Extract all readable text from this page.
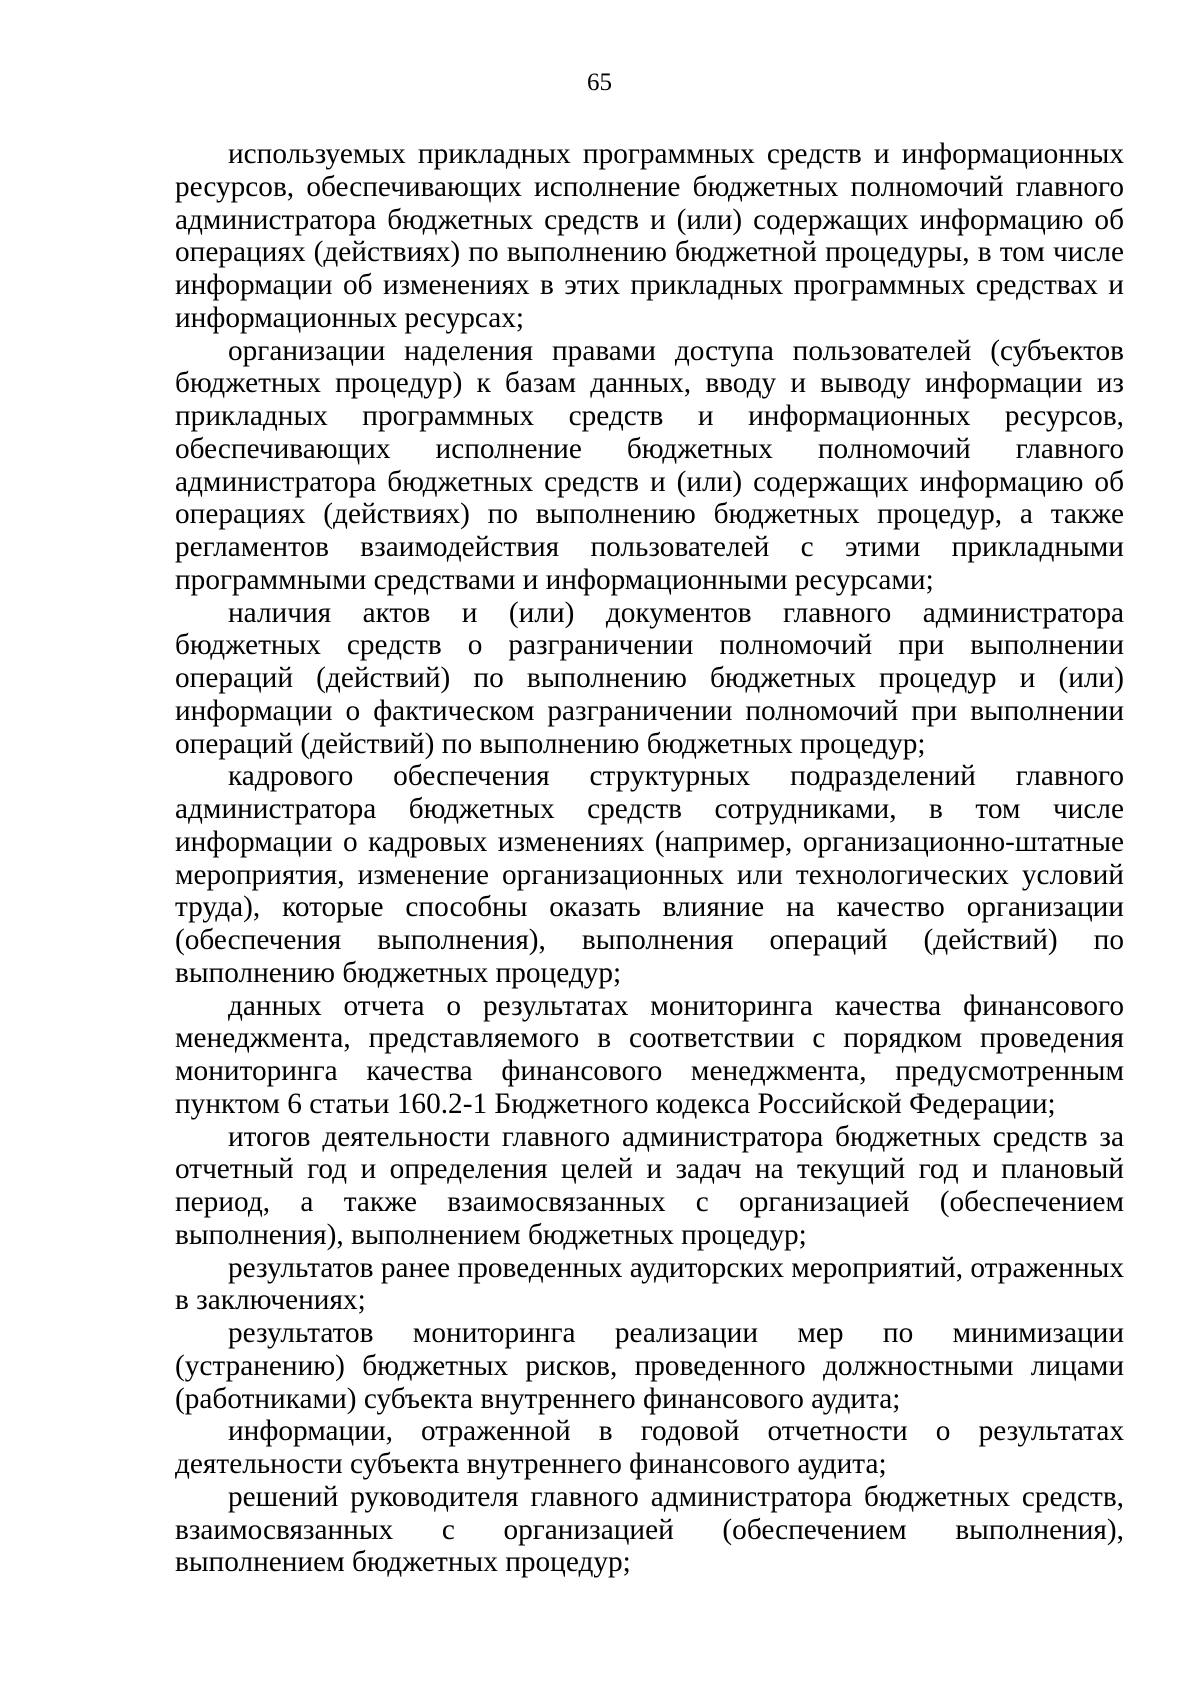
65

используемых прикладных программных средств и информационных ресурсов, обеспечивающих исполнение бюджетных полномочий главного администратора бюджетных средств и (или) содержащих информацию об операциях (действиях) по выполнению бюджетной процедуры, в том числе информации об изменениях в этих прикладных программных средствах и информационных ресурсах;

организации наделения правами доступа пользователей (субъектов бюджетных процедур) к базам данных, вводу и выводу информации из прикладных программных средств и информационных ресурсов, обеспечивающих исполнение бюджетных полномочий главного администратора бюджетных средств и (или) содержащих информацию об операциях (действиях) по выполнению бюджетных процедур, а также регламентов взаимодействия пользователей с этими прикладными программными средствами и информационными ресурсами;

наличия актов и (или) документов главного администратора бюджетных средств о разграничении полномочий при выполнении операций (действий) по выполнению бюджетных процедур и (или) информации о фактическом разграничении полномочий при выполнении операций (действий) по выполнению бюджетных процедур;

кадрового обеспечения структурных подразделений главного администратора бюджетных средств сотрудниками, в том числе информации о кадровых изменениях (например, организационно-штатные мероприятия, изменение организационных или технологических условий труда), которые способны оказать влияние на качество организации (обеспечения выполнения), выполнения операций (действий) по выполнению бюджетных процедур;

данных отчета о результатах мониторинга качества финансового менеджмента, представляемого в соответствии с порядком проведения мониторинга качества финансового менеджмента, предусмотренным пунктом 6 статьи 160.2-1 Бюджетного кодекса Российской Федерации;

итогов деятельности главного администратора бюджетных средств за отчетный год и определения целей и задач на текущий год и плановый период, а также взаимосвязанных с организацией (обеспечением выполнения), выполнением бюджетных процедур;

результатов ранее проведенных аудиторских мероприятий, отраженных в заключениях;

результатов мониторинга реализации мер по минимизации (устранению) бюджетных рисков, проведенного должностными лицами (работниками) субъекта внутреннего финансового аудита;

информации, отраженной в годовой отчетности о результатах деятельности субъекта внутреннего финансового аудита;

решений руководителя главного администратора бюджетных средств, взаимосвязанных с организацией (обеспечением выполнения), выполнением бюджетных процедур;
